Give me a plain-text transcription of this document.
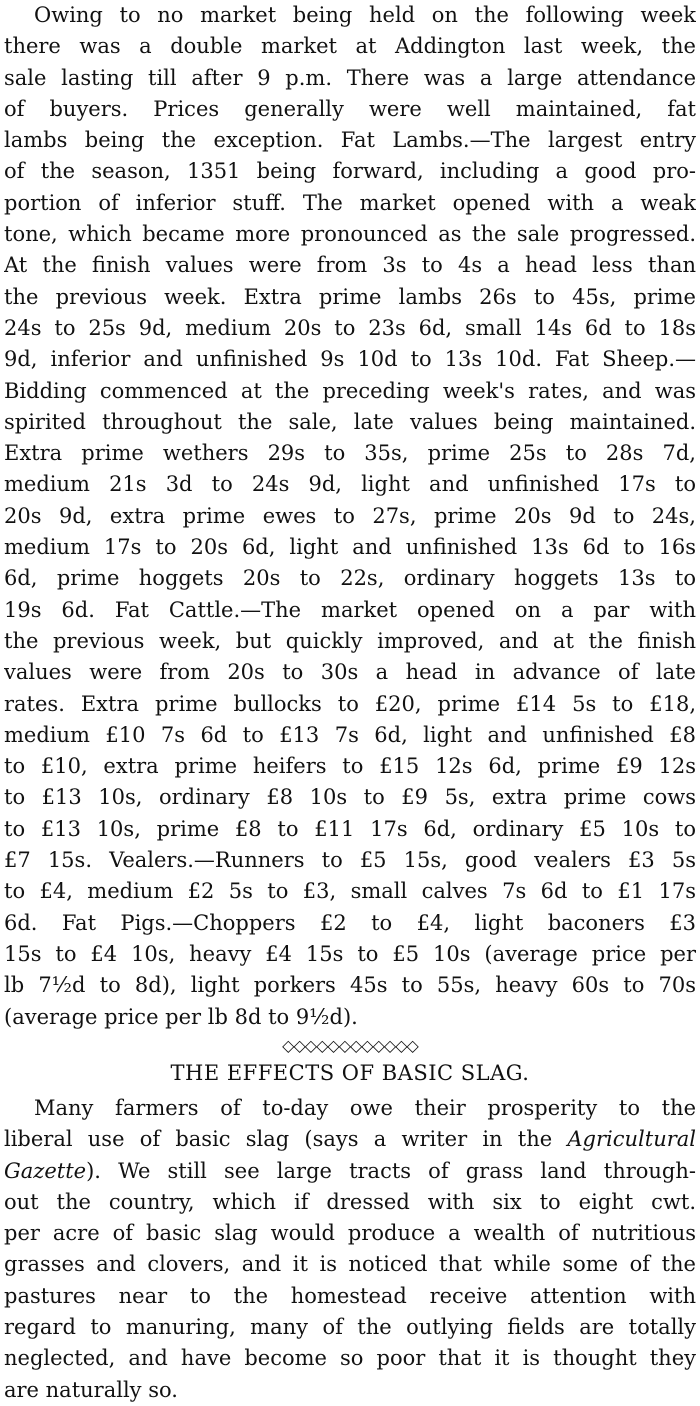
Owing to no market being held on the following week
there was a double market at Addington last week, the
sale lasting till after 9 p.m. There was a large attendance
of buyers. Prices generally were well maintained, fat
lambs being the exception. Fat Lambs.—The largest entry
of the season, 1351 being forward, including a good pro-
portion of inferior stuff. The market opened with a weak
tone, which became more pronounced as the sale progressed.
At the finish values were from 3s to 4s a head less than
the previous week. Extra prime lambs 26s to 45s, prime
24s to 25s 9d, medium 20s to 23s 6d, small 14s 6d to 18s
9d, inferior and unfinished 9s 10d to 13s 10d. Fat Sheep.—
Bidding commenced at the preceding week's rates, and was
spirited throughout the sale, late values being maintained.
Extra prime wethers 29s to 35s, prime 25s to 28s 7d,
medium 21s 3d to 24s 9d, light and unfinished 17s to
20s 9d, extra prime ewes to 27s, prime 20s 9d to 24s,
medium 17s to 20s 6d, light and unfinished 13s 6d to 16s
6d, prime hoggets 20s to 22s, ordinary hoggets 13s to
19s 6d. Fat Cattle.—The market opened on a par with
the previous week, but quickly improved, and at the finish
values were from 20s to 30s a head in advance of late
rates. Extra prime bullocks to £20, prime £14 5s to £18,
medium £10 7s 6d to £13 7s 6d, light and unfinished £8
to £10, extra prime heifers to £15 12s 6d, prime £9 12s
to £13 10s, ordinary £8 10s to £9 5s, extra prime cows
to £13 10s, prime £8 to £11 17s 6d, ordinary £5 10s to
£7 15s. Vealers.—Runners to £5 15s, good vealers £3 5s
to £4, medium £2 5s to £3, small calves 7s 6d to £1 17s
6d. Fat Pigs.—Choppers £2 to £4, light baconers £3
15s to £4 10s, heavy £4 15s to £5 10s (average price per
lb 7½d to 8d), light porkers 45s to 55s, heavy 60s to 70s
(average price per lb 8d to 9½d).
◇◇◇◇◇◇◇◇◇◇◇◇
THE EFFECTS OF BASIC SLAG.
Many farmers of to-day owe their prosperity to the
liberal use of basic slag (says a writer in the Agricultural
Gazette). We still see large tracts of grass land through-
out the country, which if dressed with six to eight cwt.
per acre of basic slag would produce a wealth of nutritious
grasses and clovers, and it is noticed that while some of the
pastures near to the homestead receive attention with
regard to manuring, many of the outlying fields are totally
neglected, and have become so poor that it is thought they
are naturally so.
